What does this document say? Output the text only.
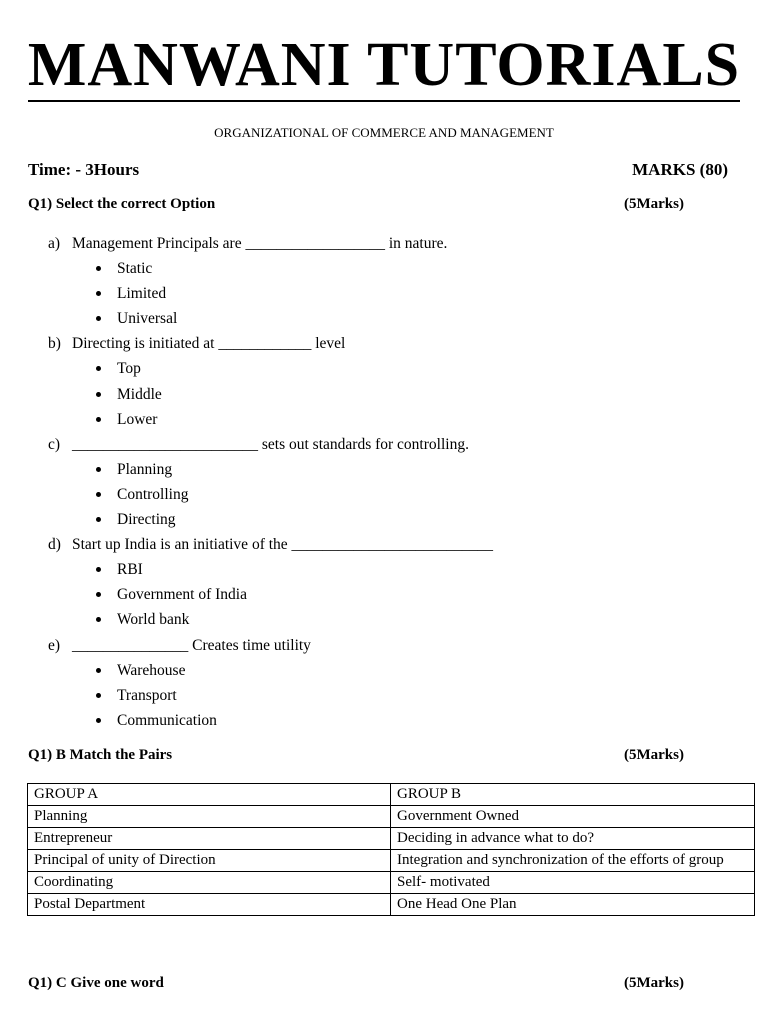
MANWANI TUTORIALS
ORGANIZATIONAL OF COMMERCE AND MANAGEMENT
Time: - 3Hours	MARKS (80)
Q1) Select the correct Option	(5Marks)
a) Management Principals are __________________ in nature.
Static
Limited
Universal
b) Directing is initiated at ____________ level
Top
Middle
Lower
c) ________________________ sets out standards for controlling.
Planning
Controlling
Directing
d) Start up India is an initiative of the __________________________
RBI
Government of India
World bank
e) _______________ Creates time utility
Warehouse
Transport
Communication
Q1) B Match the Pairs	(5Marks)
GROUP A	GROUP B
Planning	Government Owned
Entrepreneur	Deciding in advance what to do?
Principal of unity of Direction	Integration and synchronization of the efforts of group
Coordinating	Self- motivated
Postal Department	One Head One Plan
Q1) C Give one word	(5Marks)
